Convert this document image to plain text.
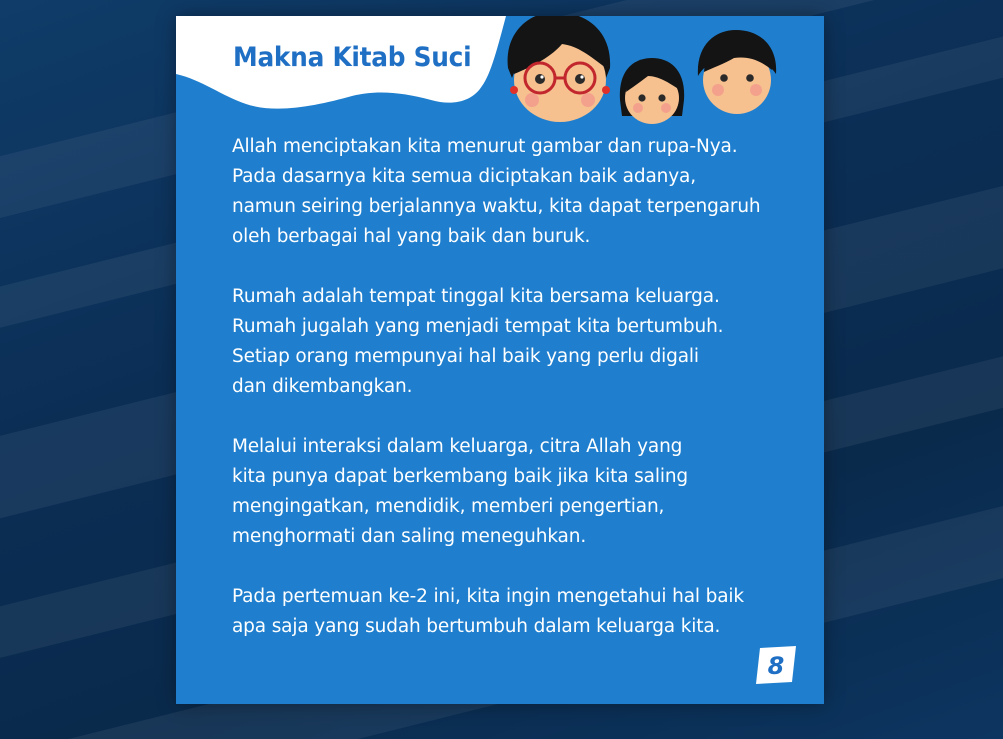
Makna Kitab Suci

Allah menciptakan kita menurut gambar dan rupa-Nya.
Pada dasarnya kita semua diciptakan baik adanya,
namun seiring berjalannya waktu, kita dapat terpengaruh
oleh berbagai hal yang baik dan buruk.

Rumah adalah tempat tinggal kita bersama keluarga.
Rumah jugalah yang menjadi tempat kita bertumbuh.
Setiap orang mempunyai hal baik yang perlu digali
dan dikembangkan.

Melalui interaksi dalam keluarga, citra Allah yang
kita punya dapat berkembang baik jika kita saling
mengingatkan, mendidik, memberi pengertian,
menghormati dan saling meneguhkan.

Pada pertemuan ke-2 ini, kita ingin mengetahui hal baik
apa saja yang sudah bertumbuh dalam keluarga kita.

8
